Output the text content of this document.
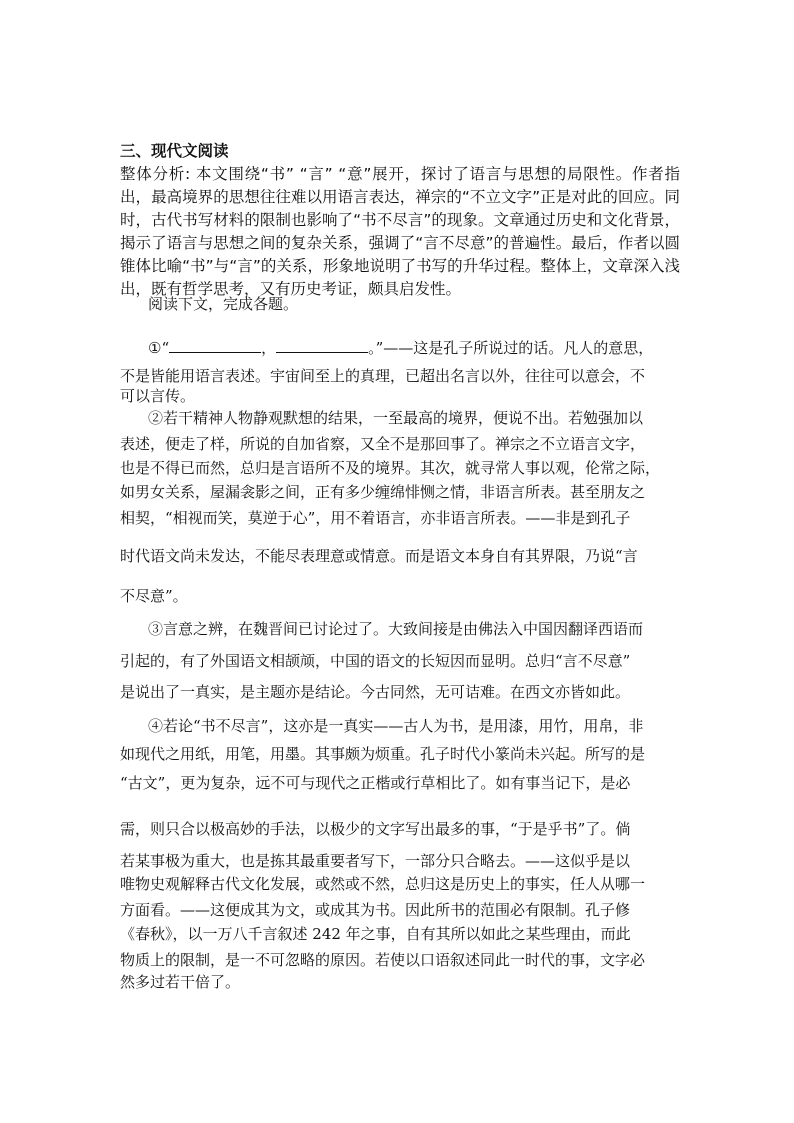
三、现代文阅读

整体分析: 本文围绕“书” “言” “意”展开，探讨了语言与思想的局限性。作者指出，最高境界的思想往往难以用语言表达，禅宗的“不立文字”正是对此的回应。同时，古代书写材料的限制也影响了“书不尽言”的现象。文章通过历史和文化背景，揭示了语言与思想之间的复杂关系，强调了“言不尽意”的普遍性。最后，作者以圆锥体比喻“书”与“言”的关系，形象地说明了书写的升华过程。整体上，文章深入浅出，既有哲学思考，又有历史考证，颇具启发性。

阅读下文，完成各题。

①“	，	。”——这是孔子所说过的话。凡人的意思，

不是皆能用语言表述。宇宙间至上的真理，已超出名言以外，往往可以意会，不

可以言传。

②若干精神人物静观默想的结果，一至最高的境界，便说不出。若勉强加以

表述，便走了样，所说的自加省察，又全不是那回事了。禅宗之不立语言文字，

也是不得已而然，总归是言语所不及的境界。其次，就寻常人事以观，伦常之际，

如男女关系，屋漏衾影之间，正有多少缠绵悱恻之情，非语言所表。甚至朋友之

相契，“相视而笑，莫逆于心”，用不着语言，亦非语言所表。——非是到孔子

时代语文尚未发达，不能尽表理意或情意。而是语文本身自有其界限，乃说“言

不尽意”。

③言意之辨，在魏晋间已讨论过了。大致间接是由佛法入中国因翻译西语而

引起的，有了外国语文相颉颃，中国的语文的长短因而显明。总归“言不尽意”

是说出了一真实，是主题亦是结论。今古同然，无可诘难。在西文亦皆如此。

④若论“书不尽言”，这亦是一真实——古人为书，是用漆，用竹，用帛，非

如现代之用纸，用笔，用墨。其事颇为烦重。孔子时代小篆尚未兴起。所写的是

“古文”，更为复杂，远不可与现代之正楷或行草相比了。如有事当记下，是必

需，则只合以极高妙的手法，以极少的文字写出最多的事，“于是乎书”了。倘

若某事极为重大，也是拣其最重要者写下，一部分只合略去。——这似乎是以

唯物史观解释古代文化发展，或然或不然，总归这是历史上的事实，任人从哪一

方面看。——这便成其为文，或成其为书。因此所书的范围必有限制。孔子修

《春秋》，以一万八千言叙述 242 年之事，自有其所以如此之某些理由，而此

物质上的限制，是一不可忽略的原因。若使以口语叙述同此一时代的事，文字必

然多过若干倍了。
